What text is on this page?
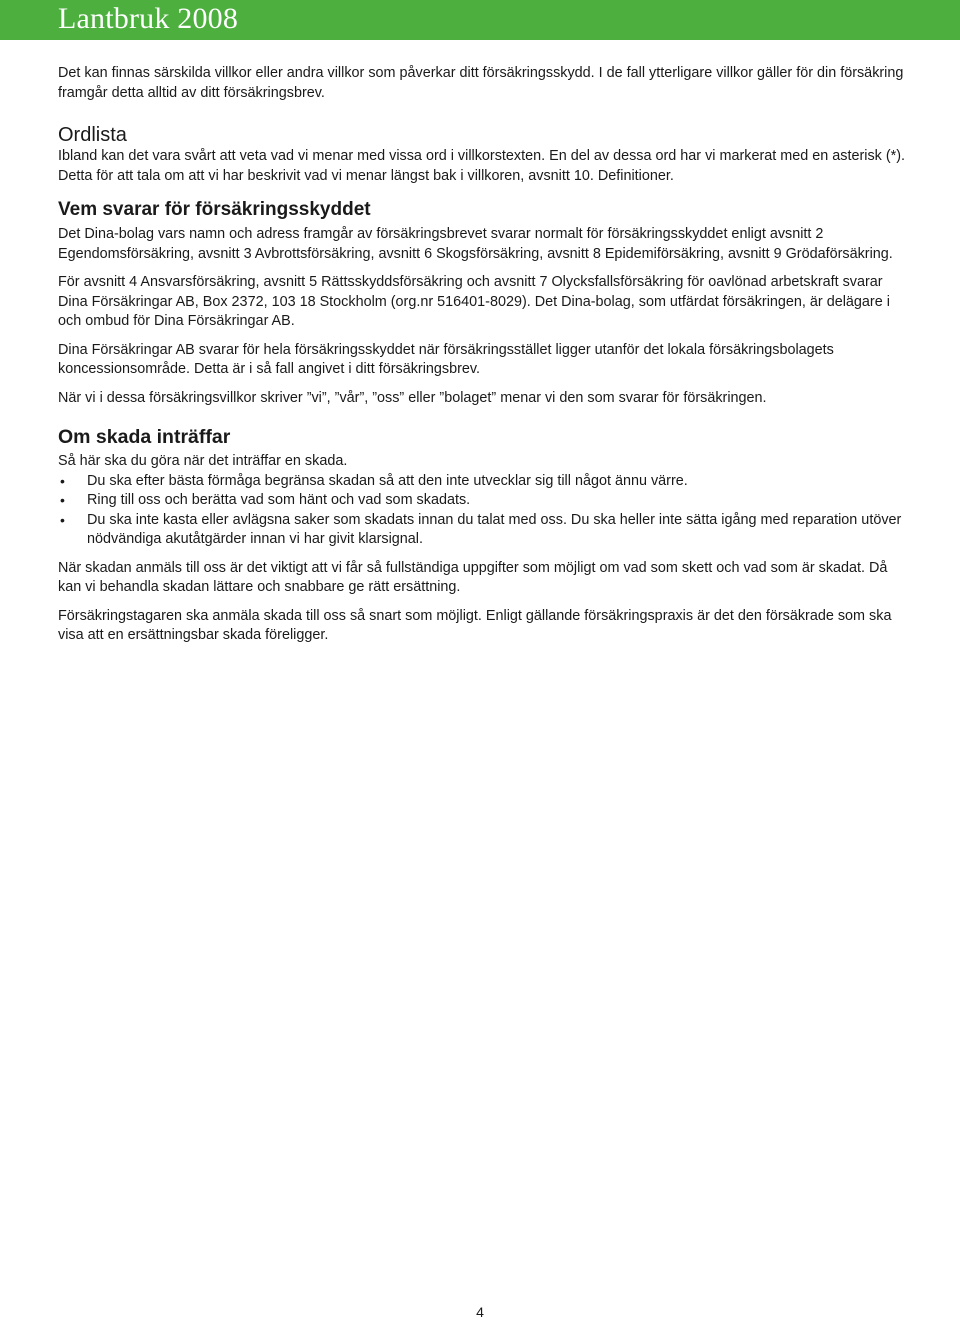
Lantbruk 2008

Det kan finnas särskilda villkor eller andra villkor som påverkar ditt försäkringsskydd. I de fall ytterligare villkor gäller för din försäkring framgår detta alltid av ditt försäkringsbrev.

Ordlista

Ibland kan det vara svårt att veta vad vi menar med vissa ord i villkorstexten. En del av dessa ord har vi markerat med en asterisk (*). Detta för att tala om att vi har beskrivit vad vi menar längst bak i villkoren, avsnitt 10. Definitioner.

Vem svarar för försäkringsskyddet

Det Dina-bolag vars namn och adress framgår av försäkringsbrevet svarar normalt för försäkringsskyddet enligt avsnitt 2 Egendomsförsäkring, avsnitt 3 Avbrottsförsäkring, avsnitt 6 Skogsförsäkring, avsnitt 8 Epidemiförsäkring, avsnitt 9 Grödaförsäkring.

För avsnitt 4 Ansvarsförsäkring, avsnitt 5 Rättsskyddsförsäkring och avsnitt 7 Olycksfallsförsäkring för oavlönad arbetskraft svarar Dina Försäkringar AB, Box 2372, 103 18 Stockholm (org.nr 516401-8029). Det Dina-bolag, som utfärdat försäkringen, är delägare i och ombud för Dina Försäkringar AB.

Dina Försäkringar AB svarar för hela försäkringsskyddet när försäkringsstället ligger utanför det lokala försäkringsbolagets koncessionsområde. Detta är i så fall angivet i ditt försäkringsbrev.

När vi i dessa försäkringsvillkor skriver ”vi”, ”vår”, ”oss” eller ”bolaget” menar vi den som svarar för försäkringen.

Om skada inträffar

Så här ska du göra när det inträffar en skada.

• Du ska efter bästa förmåga begränsa skadan så att den inte utvecklar sig till något ännu värre.
• Ring till oss och berätta vad som hänt och vad som skadats.
• Du ska inte kasta eller avlägsna saker som skadats innan du talat med oss. Du ska heller inte sätta igång med reparation utöver nödvändiga akutåtgärder innan vi har givit klarsignal.

När skadan anmäls till oss är det viktigt att vi får så fullständiga uppgifter som möjligt om vad som skett och vad som är skadat. Då kan vi behandla skadan lättare och snabbare ge rätt ersättning.

Försäkringstagaren ska anmäla skada till oss så snart som möjligt. Enligt gällande försäkringspraxis är det den försäkrade som ska visa att en ersättningsbar skada föreligger.

4
